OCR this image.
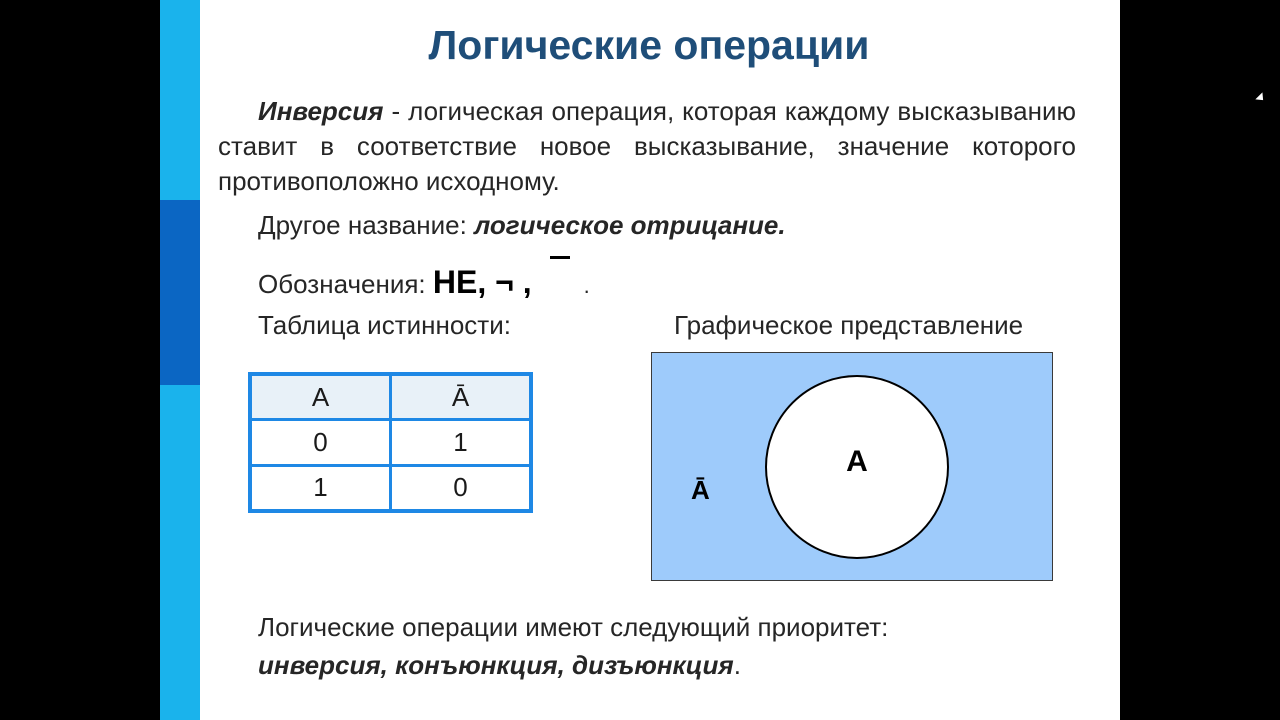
Логические операции
Инверсия - логическая операция, которая каждому высказыванию ставит в соответствие новое высказывание, значение которого противоположно исходному.
Другое название: логическое отрицание.
Обозначения: НЕ, ¬ , .
Таблица истинности:	Графическое представление
A	Ā
0	1
1	0
A
Ā
Логические операции имеют следующий приоритет:
инверсия, конъюнкция, дизъюнкция.
